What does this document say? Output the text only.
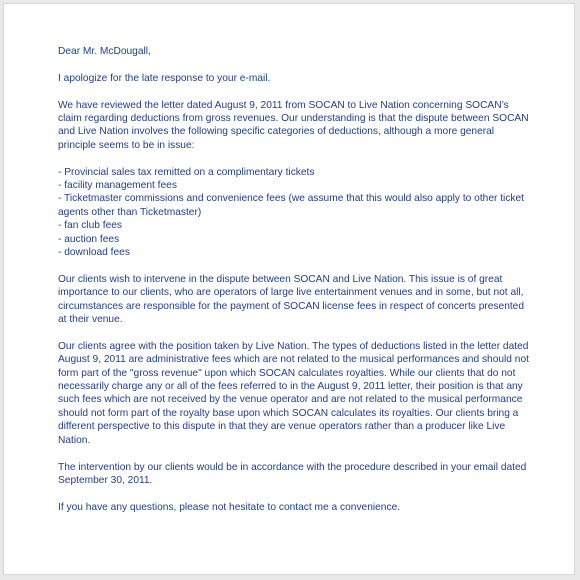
Dear Mr. McDougall,

I apologize for the late response to your e-mail.

We have reviewed the letter dated August 9, 2011 from SOCAN to Live Nation concerning SOCAN’s claim regarding deductions from gross revenues. Our understanding is that the dispute between SOCAN and Live Nation involves the following specific categories of deductions, although a more general principle seems to be in issue:

- Provincial sales tax remitted on a complimentary tickets
- facility management fees
- Ticketmaster commissions and convenience fees (we assume that this would also apply to other ticket agents other than Ticketmaster)
- fan club fees
- auction fees
- download fees

Our clients wish to intervene in the dispute between SOCAN and Live Nation. This issue is of great importance to our clients, who are operators of large live entertainment venues and in some, but not all, circumstances are responsible for the payment of SOCAN license fees in respect of concerts presented at their venue.

Our clients agree with the position taken by Live Nation. The types of deductions listed in the letter dated August 9, 2011 are administrative fees which are not related to the musical performances and should not form part of the "gross revenue" upon which SOCAN calculates royalties. While our clients that do not necessarily charge any or all of the fees referred to in the August 9, 2011 letter, their position is that any such fees which are not received by the venue operator and are not related to the musical performance should not form part of the royalty base upon which SOCAN calculates its royalties. Our clients bring a different perspective to this dispute in that they are venue operators rather than a producer like Live Nation.

The intervention by our clients would be in accordance with the procedure described in your email dated September 30, 2011.

If you have any questions, please not hesitate to contact me a convenience.
